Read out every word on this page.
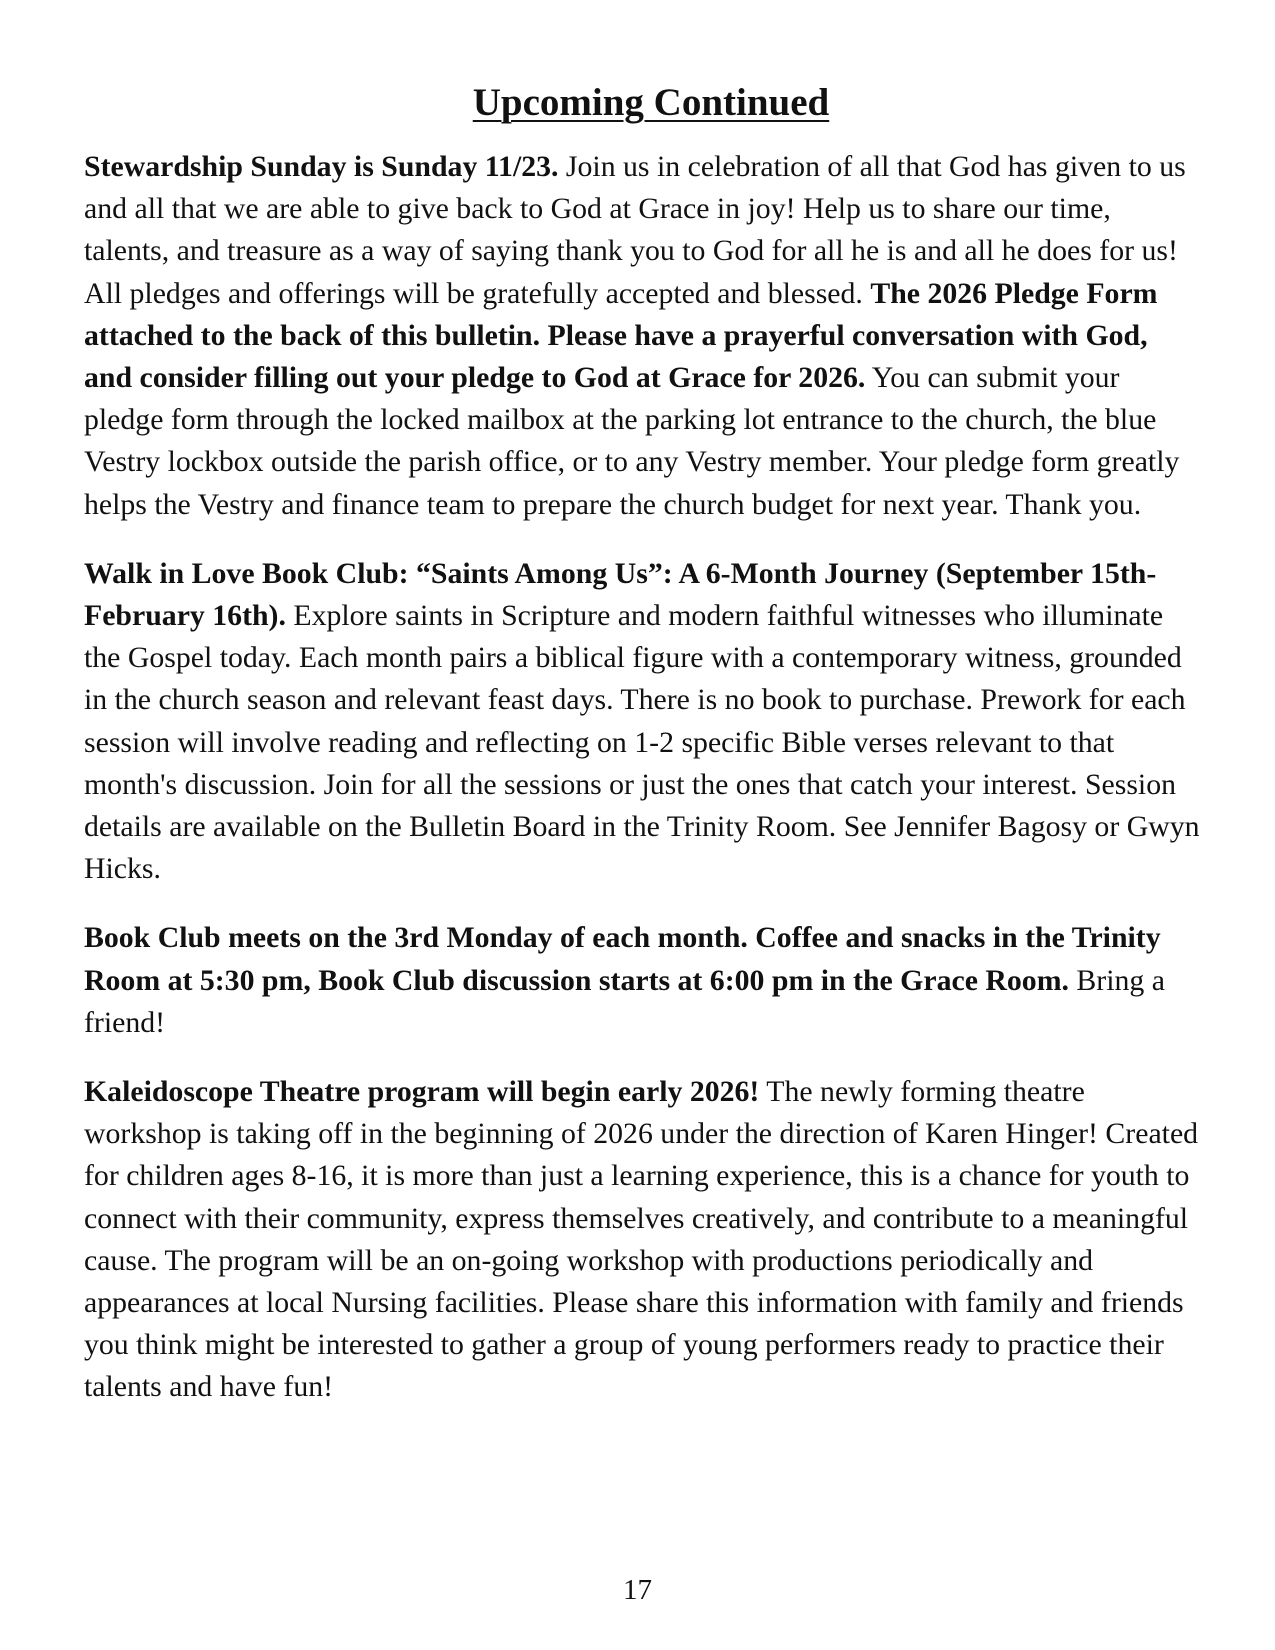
Upcoming Continued

Stewardship Sunday is Sunday 11/23. Join us in celebration of all that God has given to us and all that we are able to give back to God at Grace in joy! Help us to share our time, talents, and treasure as a way of saying thank you to God for all he is and all he does for us! All pledges and offerings will be gratefully accepted and blessed. The 2026 Pledge Form attached to the back of this bulletin. Please have a prayerful conversation with God, and consider filling out your pledge to God at Grace for 2026. You can submit your pledge form through the locked mailbox at the parking lot entrance to the church, the blue Vestry lockbox outside the parish office, or to any Vestry member. Your pledge form greatly helps the Vestry and finance team to prepare the church budget for next year. Thank you.

Walk in Love Book Club: “Saints Among Us”: A 6-Month Journey (September 15th-February 16th). Explore saints in Scripture and modern faithful witnesses who illuminate the Gospel today. Each month pairs a biblical figure with a contemporary witness, grounded in the church season and relevant feast days. There is no book to purchase. Prework for each session will involve reading and reflecting on 1-2 specific Bible verses relevant to that month's discussion. Join for all the sessions or just the ones that catch your interest. Session details are available on the Bulletin Board in the Trinity Room. See Jennifer Bagosy or Gwyn Hicks.

Book Club meets on the 3rd Monday of each month. Coffee and snacks in the Trinity Room at 5:30 pm, Book Club discussion starts at 6:00 pm in the Grace Room. Bring a friend!

Kaleidoscope Theatre program will begin early 2026! The newly forming theatre workshop is taking off in the beginning of 2026 under the direction of Karen Hinger! Created for children ages 8-16, it is more than just a learning experience, this is a chance for youth to connect with their community, express themselves creatively, and contribute to a meaningful cause. The program will be an on-going workshop with productions periodically and appearances at local Nursing facilities. Please share this information with family and friends you think might be interested to gather a group of young performers ready to practice their talents and have fun!

17
